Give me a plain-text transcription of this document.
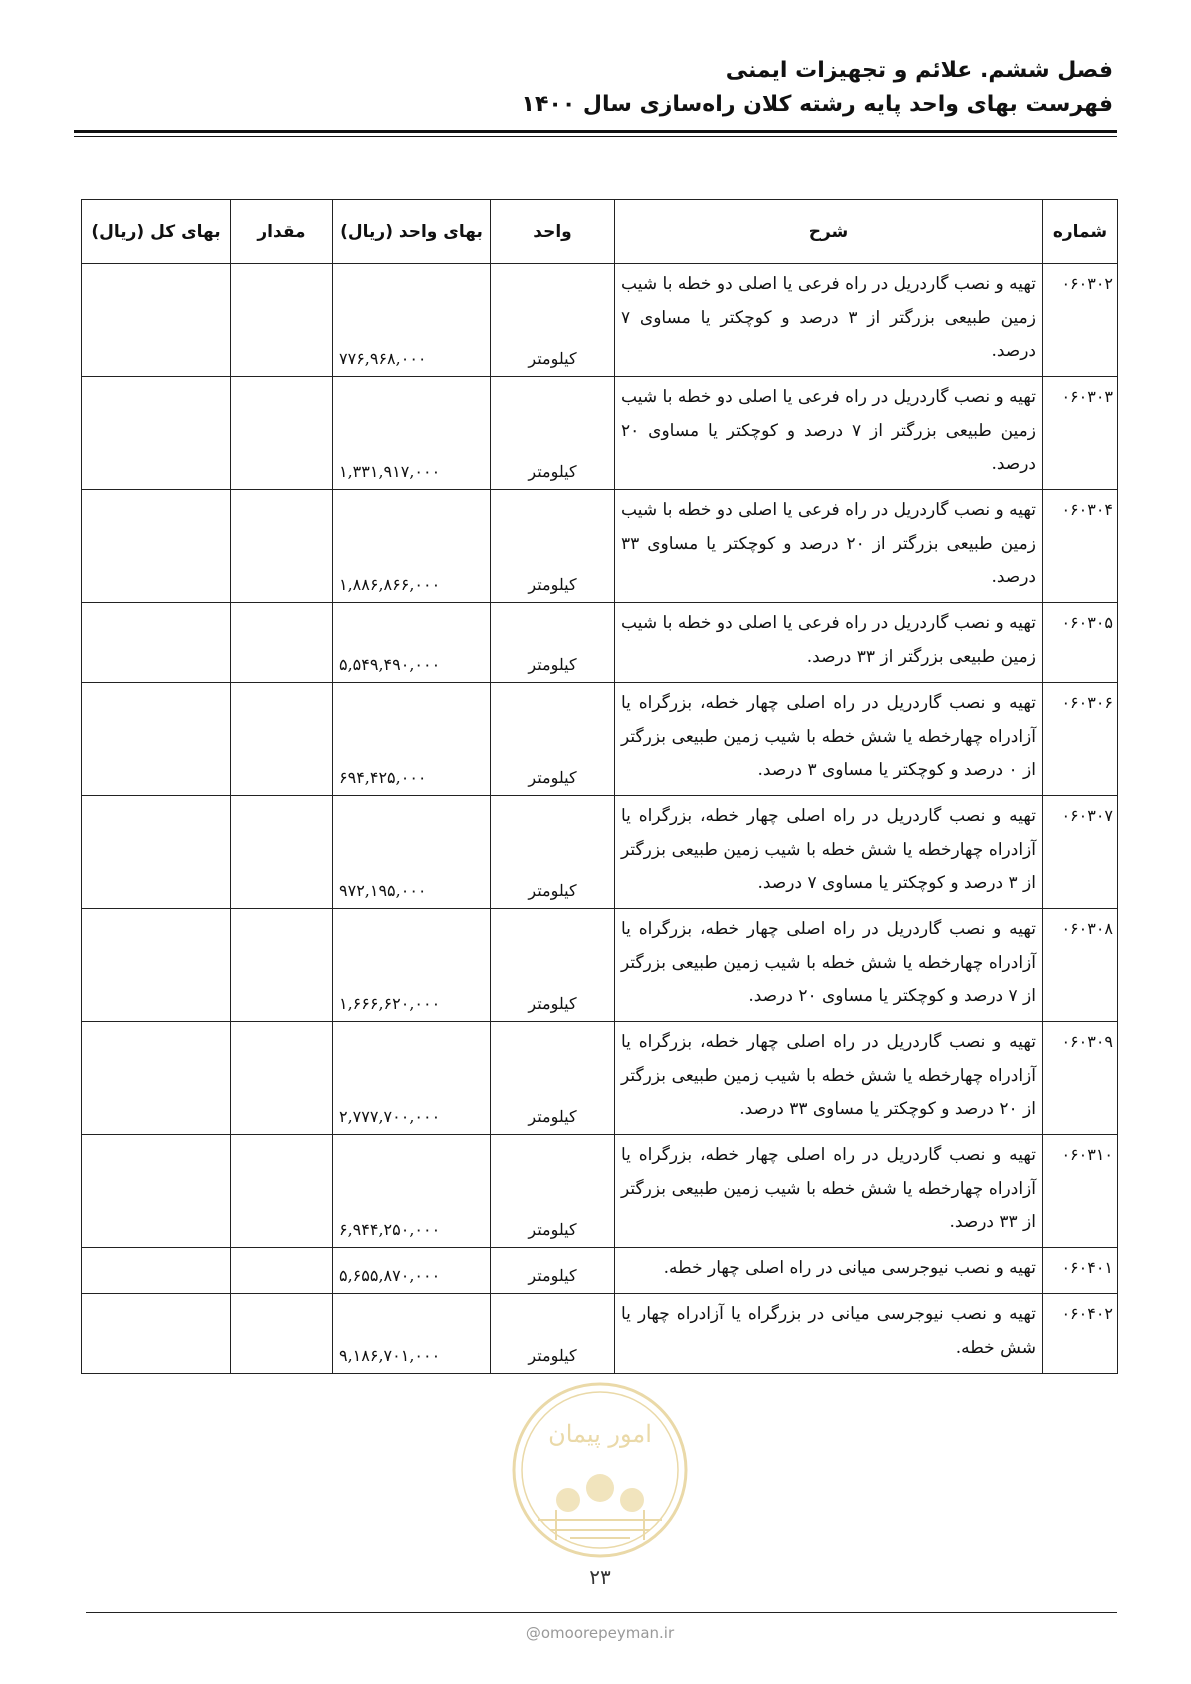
فصل ششم. علائم و تجهیزات ایمنی
فهرست بهای واحد پایه رشته کلان راه‌سازی سال ۱۴۰۰
شماره	شرح	واحد	بهای واحد (ریال)	مقدار	بهای کل (ریال)
۰۶۰۳۰۲	تهیه و نصب گاردریل در راه فرعی یا اصلی دو خطه با شیب زمین طبیعی بزرگتر از ۳ درصد و کوچکتر یا مساوی ۷ درصد.	کیلومتر	۷۷۶,۹۶۸,۰۰۰		
۰۶۰۳۰۳	تهیه و نصب گاردریل در راه فرعی یا اصلی دو خطه با شیب زمین طبیعی بزرگتر از ۷ درصد و کوچکتر یا مساوی ۲۰ درصد.	کیلومتر	۱,۳۳۱,۹۱۷,۰۰۰		
۰۶۰۳۰۴	تهیه و نصب گاردریل در راه فرعی یا اصلی دو خطه با شیب زمین طبیعی بزرگتر از ۲۰ درصد و کوچکتر یا مساوی ۳۳ درصد.	کیلومتر	۱,۸۸۶,۸۶۶,۰۰۰		
۰۶۰۳۰۵	تهیه و نصب گاردریل در راه فرعی یا اصلی دو خطه با شیب زمین طبیعی بزرگتر از ۳۳ درصد.	کیلومتر	۵,۵۴۹,۴۹۰,۰۰۰		
۰۶۰۳۰۶	تهیه و نصب گاردریل در راه اصلی چهار خطه، بزرگراه یا آزادراه چهارخطه یا شش خطه با شیب زمین طبیعی بزرگتر از ۰ درصد و کوچکتر یا مساوی ۳ درصد.	کیلومتر	۶۹۴,۴۲۵,۰۰۰		
۰۶۰۳۰۷	تهیه و نصب گاردریل در راه اصلی چهار خطه، بزرگراه یا آزادراه چهارخطه یا شش خطه با شیب زمین طبیعی بزرگتر از ۳ درصد و کوچکتر یا مساوی ۷ درصد.	کیلومتر	۹۷۲,۱۹۵,۰۰۰		
۰۶۰۳۰۸	تهیه و نصب گاردریل در راه اصلی چهار خطه، بزرگراه یا آزادراه چهارخطه یا شش خطه با شیب زمین طبیعی بزرگتر از ۷ درصد و کوچکتر یا مساوی ۲۰ درصد.	کیلومتر	۱,۶۶۶,۶۲۰,۰۰۰		
۰۶۰۳۰۹	تهیه و نصب گاردریل در راه اصلی چهار خطه، بزرگراه یا آزادراه چهارخطه یا شش خطه با شیب زمین طبیعی بزرگتر از ۲۰ درصد و کوچکتر یا مساوی ۳۳ درصد.	کیلومتر	۲,۷۷۷,۷۰۰,۰۰۰		
۰۶۰۳۱۰	تهیه و نصب گاردریل در راه اصلی چهار خطه، بزرگراه یا آزادراه چهارخطه یا شش خطه با شیب زمین طبیعی بزرگتر از ۳۳ درصد.	کیلومتر	۶,۹۴۴,۲۵۰,۰۰۰		
۰۶۰۴۰۱	تهیه و نصب نیوجرسی میانی در راه اصلی چهار خطه.	کیلومتر	۵,۶۵۵,۸۷۰,۰۰۰		
۰۶۰۴۰۲	تهیه و نصب نیوجرسی میانی در بزرگراه یا آزادراه چهار یا شش خطه.	کیلومتر	۹,۱۸۶,۷۰۱,۰۰۰		
امور پیمان
۲۳
@omoorepeyman.ir
